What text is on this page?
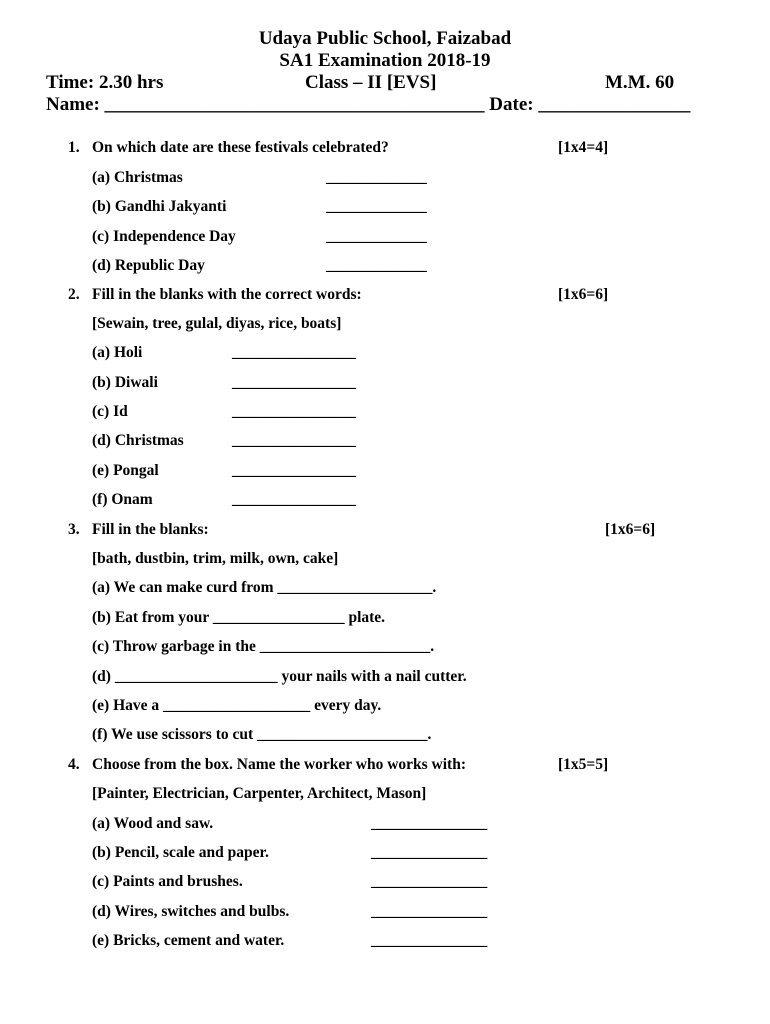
Udaya Public School, Faizabad
SA1 Examination 2018-19
Time: 2.30 hrs	Class – II [EVS]	M.M. 60
Name: ________________________________________ Date: ________________
1. On which date are these festivals celebrated?	[1x4=4]
(a) Christmas	_____________
(b) Gandhi Jakyanti	_____________
(c) Independence Day	_____________
(d) Republic Day	_____________
2. Fill in the blanks with the correct words:	[1x6=6]
[Sewain, tree, gulal, diyas, rice, boats]
(a) Holi	________________
(b) Diwali	________________
(c) Id	________________
(d) Christmas	________________
(e) Pongal	________________
(f) Onam	________________
3. Fill in the blanks:	[1x6=6]
[bath, dustbin, trim, milk, own, cake]
(a) We can make curd from ____________________.
(b) Eat from your _________________ plate.
(c) Throw garbage in the ______________________.
(d) _____________________ your nails with a nail cutter.
(e) Have a ___________________ every day.
(f) We use scissors to cut ______________________.
4. Choose from the box. Name the worker who works with:	[1x5=5]
[Painter, Electrician, Carpenter, Architect, Mason]
(a) Wood and saw.	_______________
(b) Pencil, scale and paper.	_______________
(c) Paints and brushes.	_______________
(d) Wires, switches and bulbs.	_______________
(e) Bricks, cement and water.	_______________
